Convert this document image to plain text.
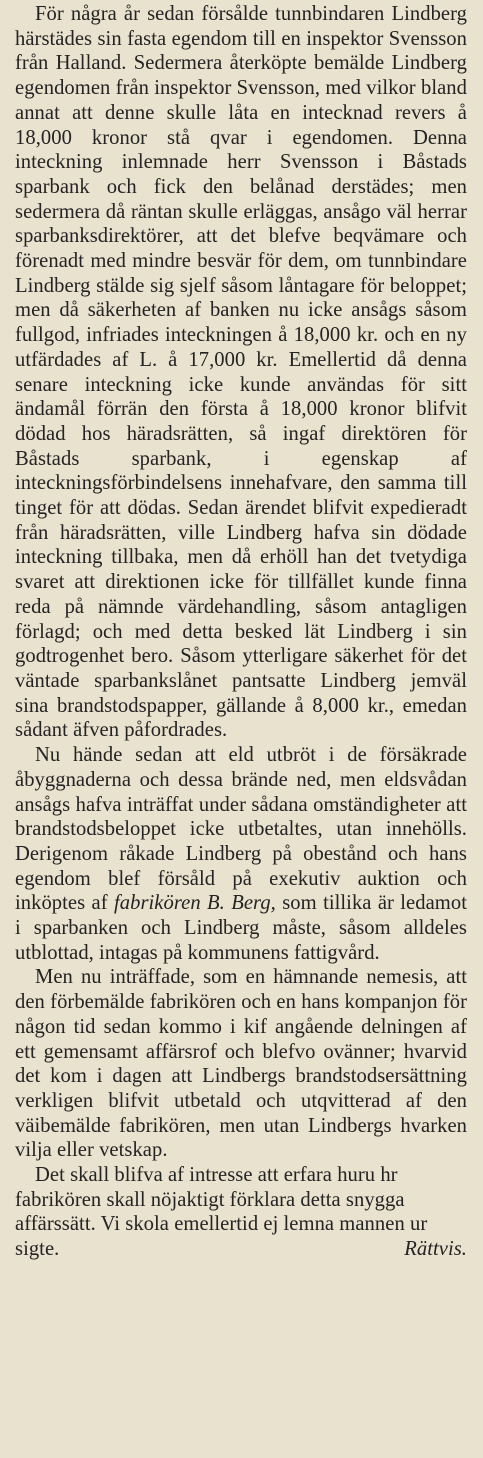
För några år sedan försålde tunnbindaren Lindberg härstädes sin fasta egendom till en inspektor Svensson från Halland. Sedermera återköpte bemälde Lindberg egendomen från inspektor Svensson, med vilkor bland annat att denne skulle låta en intecknad revers å 18,000 kronor stå qvar i egendomen. Denna inteckning inlemnade herr Svensson i Båstads sparbank och fick den belånad derstädes; men sedermera då räntan skulle erläggas, ansågo väl herrar sparbanksdirektörer, att det blefve beqvämare och förenadt med mindre besvär för dem, om tunnbindare Lindberg stälde sig sjelf såsom låntagare för beloppet; men då säkerheten af banken nu icke ansågs såsom fullgod, infriades inteckningen å 18,000 kr. och en ny utfärdades af L. å 17,000 kr. Emellertid då denna senare inteckning icke kunde användas för sitt ändamål förrän den första å 18,000 kronor blifvit dödad hos häradsrätten, så ingaf direktören för Båstads sparbank, i egenskap af inteckningsförbindelsens innehafvare, den samma till tinget för att dödas. Sedan ärendet blifvit expedieradt från häradsrätten, ville Lindberg hafva sin dödade inteckning tillbaka, men då erhöll han det tvetydiga svaret att direktionen icke för tillfället kunde finna reda på nämnde värdehandling, såsom antagligen förlagd; och med detta besked lät Lindberg i sin godtrogenhet bero. Såsom ytterligare säkerhet för det väntade sparbankslånet pantsatte Lindberg jemväl sina brandstodspapper, gällande å 8,000 kr., emedan sådant äfven påfordrades.

Nu hände sedan att eld utbröt i de försäkrade åbyggnaderna och dessa brände ned, men eldsvådan ansågs hafva inträffat under sådana omständigheter att brandstodsbeloppet icke utbetaltes, utan innehölls. Derigenom råkade Lindberg på obestånd och hans egendom blef försåld på exekutiv auktion och inköptes af fabrikören B. Berg, som tillika är ledamot i sparbanken och Lindberg måste, såsom alldeles utblottad, intagas på kommunens fattigvård.

Men nu inträffade, som en hämnande nemesis, att den förbemälde fabrikören och en hans kompanjon för någon tid sedan kommo i kif angående delningen af ett gemensamt affärsrof och blefvo ovänner; hvarvid det kom i dagen att Lindbergs brandstodsersättning verkligen blifvit utbetald och utqvitterad af den väibemälde fabrikören, men utan Lindbergs hvarken vilja eller vetskap.

Det skall blifva af intresse att erfara huru hr fabrikören skall nöjaktigt förklara detta snygga affärssätt. Vi skola emellertid ej lemna mannen ur sigte.	Rättvis.
